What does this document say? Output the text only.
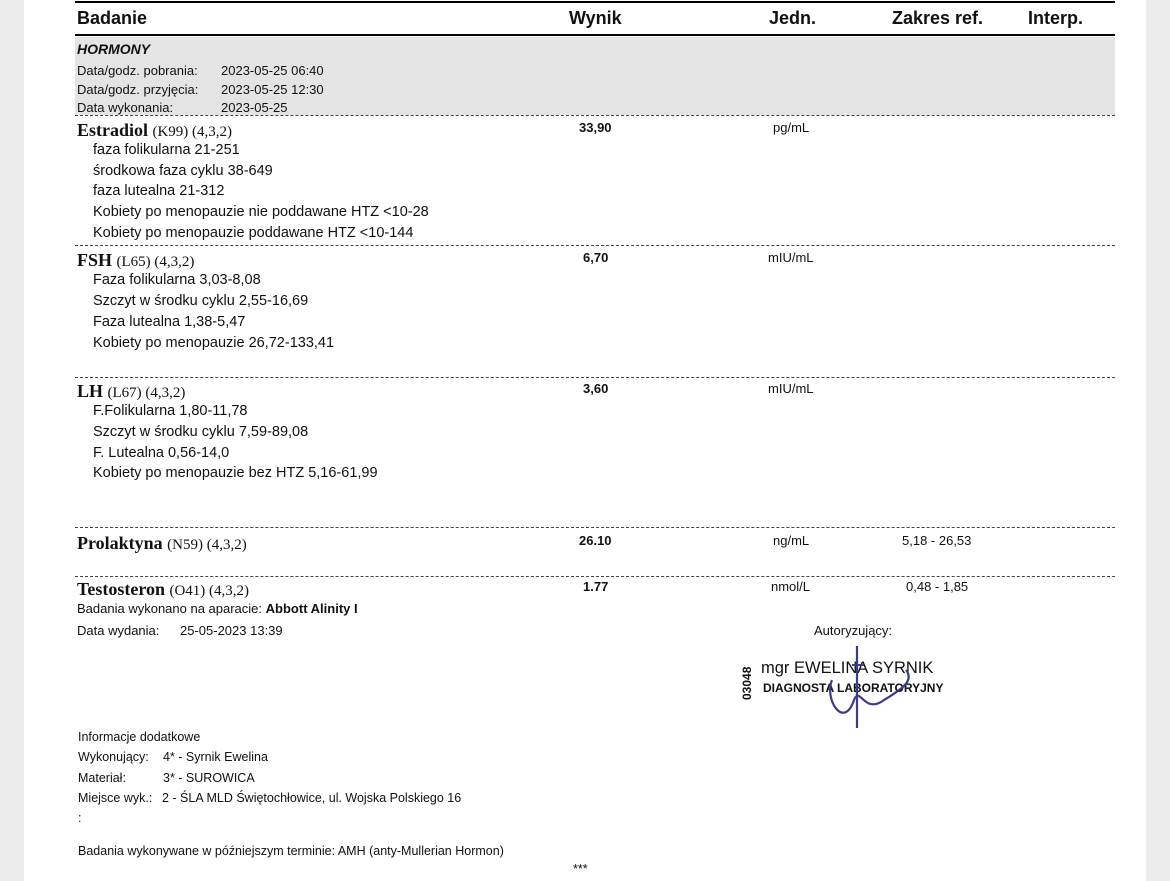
Badanie	Wynik	Jedn.	Zakres ref. Interp.
HORMONY
Data/godz. pobrania: 2023-05-25 06:40
Data/godz. przyjęcia: 2023-05-25 12:30
Data wykonania:	2023-05-25
Estradiol (K99) (4,3,2)	33,90	pg/mL
faza folikularna 21-251
środkowa faza cyklu 38-649
faza lutealna 21-312
Kobiety po menopauzie nie poddawane HTZ <10-28
Kobiety po menopauzie poddawane HTZ <10-144
FSH (L65) (4,3,2)	6,70	mIU/mL
Faza folikularna 3,03-8,08
Szczyt w środku cyklu 2,55-16,69
Faza lutealna 1,38-5,47
Kobiety po menopauzie 26,72-133,41
LH (L67) (4,3,2)	3,60	mIU/mL
F.Folikularna 1,80-11,78
Szczyt w środku cyklu 7,59-89,08
F. Lutealna 0,56-14,0
Kobiety po menopauzie bez HTZ 5,16-61,99
Prolaktyna (N59) (4,3,2)	26.10	ng/mL	5,18 - 26,53
Testosteron (O41) (4,3,2)	1.77	nmol/L	0,48 - 1,85
Badania wykonano na aparacie: Abbott Alinity I
Data wydania: 25-05-2023 13:39	Autoryzujący:
03048 mgr EWELINA SYRNIK
DIAGNOSTA LABORATORYJNY
Informacje dodatkowe
Wykonujący: 4* - Syrnik Ewelina
Materiał:	3* - SUROWICA
Miejsce wyk.: 2 - ŚLA MLD Świętochłowice, ul. Wojska Polskiego 16
:
Badania wykonywane w późniejszym terminie: AMH (anty-Mullerian Hormon)
***
